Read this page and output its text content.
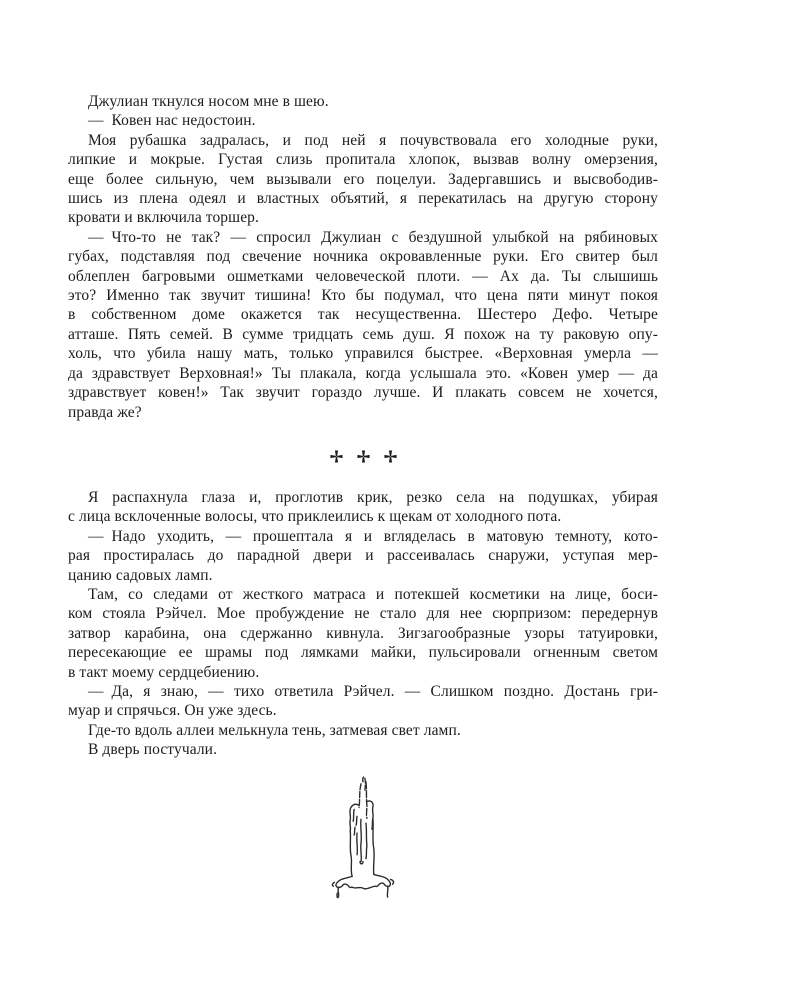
Джулиан ткнулся носом мне в шею.
— Ковен нас недостоин.
Моя рубашка задралась, и под ней я почувствовала его холодные руки,
липкие и мокрые. Густая слизь пропитала хлопок, вызвав волну омерзения,
еще более сильную, чем вызывали его поцелуи. Задергавшись и высвободив-
шись из плена одеял и властных объятий, я перекатилась на другую сторону
кровати и включила торшер.
— Что-то не так? — спросил Джулиан с бездушной улыбкой на рябиновых
губах, подставляя под свечение ночника окровавленные руки. Его свитер был
облеплен багровыми ошметками человеческой плоти. — Ах да. Ты слышишь
это? Именно так звучит тишина! Кто бы подумал, что цена пяти минут покоя
в собственном доме окажется так несущественна. Шестеро Дефо. Четыре
атташе. Пять семей. В сумме тридцать семь душ. Я похож на ту раковую опу-
холь, что убила нашу мать, только управился быстрее. «Верховная умерла —
да здравствует Верховная!» Ты плакала, когда услышала это. «Ковен умер — да
здравствует ковен!» Так звучит гораздо лучше. И плакать совсем не хочется,
правда же?
Я распахнула глаза и, проглотив крик, резко села на подушках, убирая
с лица всклоченные волосы, что приклеились к щекам от холодного пота.
— Надо уходить, — прошептала я и вгляделась в матовую темноту, кото-
рая простиралась до парадной двери и рассеивалась снаружи, уступая мер-
цанию садовых ламп.
Там, со следами от жесткого матраса и потекшей косметики на лице, боси-
ком стояла Рэйчел. Мое пробуждение не стало для нее сюрпризом: передернув
затвор карабина, она сдержанно кивнула. Зигзагообразные узоры татуировки,
пересекающие ее шрамы под лямками майки, пульсировали огненным светом
в такт моему сердцебиению.
— Да, я знаю, — тихо ответила Рэйчел. — Слишком поздно. Достань гри-
муар и спрячься. Он уже здесь.
Где-то вдоль аллеи мелькнула тень, затмевая свет ламп.
В дверь постучали.
